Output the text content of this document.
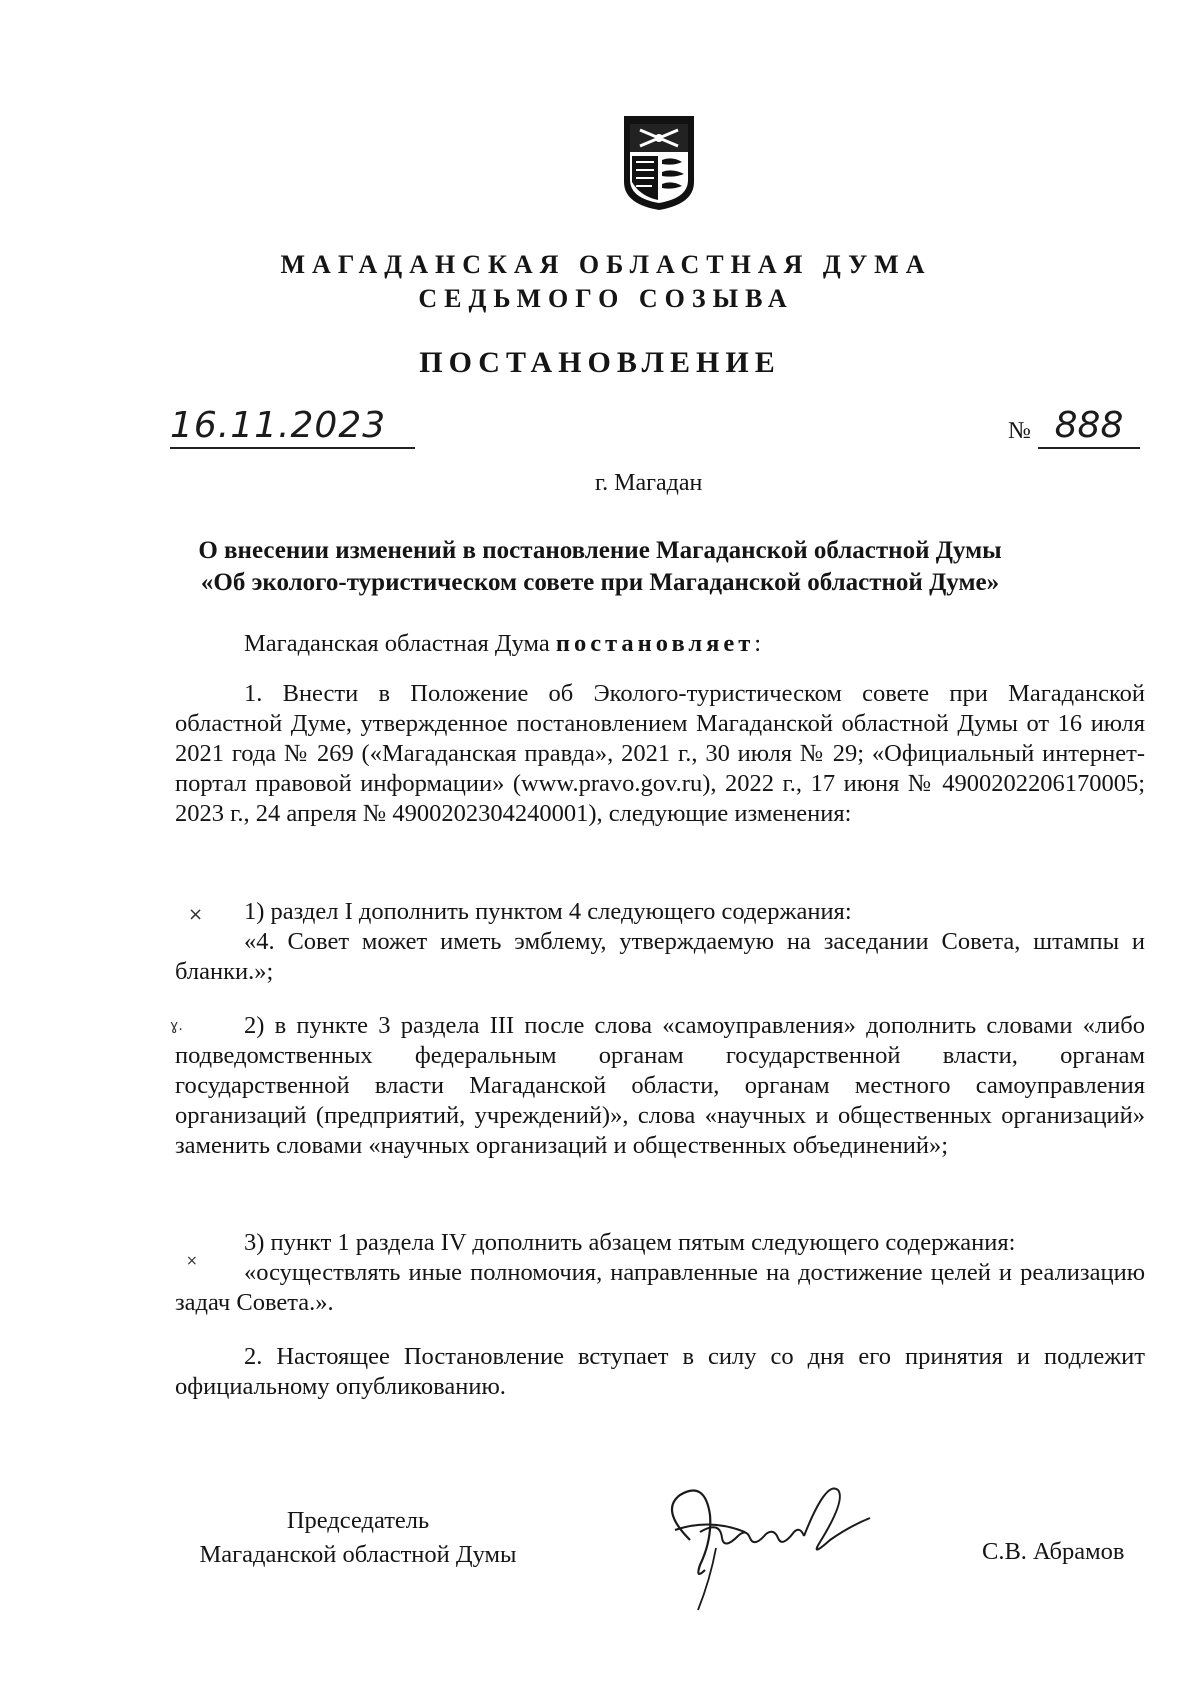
МАГАДАНСКАЯ ОБЛАСТНАЯ ДУМА
СЕДЬМОГО СОЗЫВА
ПОСТАНОВЛЕНИЕ
16.11.2023	№ 888
г. Магадан
О внесении изменений в постановление Магаданской областной Думы
«Об эколого-туристическом совете при Магаданской областной Думе»
Магаданская областная Дума постановляет:
1. Внести в Положение об Эколого-туристическом совете при Магаданской областной Думе, утвержденное постановлением Магаданской областной Думы от 16 июля 2021 года № 269 («Магаданская правда», 2021 г., 30 июля № 29; «Официальный интернет-портал правовой информации» (www.pravo.gov.ru), 2022 г., 17 июня № 4900202206170005; 2023 г., 24 апреля № 4900202304240001), следующие изменения:
×	1) раздел I дополнить пунктом 4 следующего содержания:
«4. Совет может иметь эмблему, утверждаемую на заседании Совета, штампы и бланки.»;
ɣ.	2) в пункте 3 раздела III после слова «самоуправления» дополнить словами «либо подведомственных федеральным органам государственной власти, органам государственной власти Магаданской области, органам местного самоуправления организаций (предприятий, учреждений)», слова «научных и общественных организаций» заменить словами «научных организаций и общественных объединений»;
×
3) пункт 1 раздела IV дополнить абзацем пятым следующего содержания:
«осуществлять иные полномочия, направленные на достижение целей и реализацию задач Совета.».
2. Настоящее Постановление вступает в силу со дня его принятия и подлежит официальному опубликованию.
Председатель
Магаданской областной Думы	С.В. Абрамов
